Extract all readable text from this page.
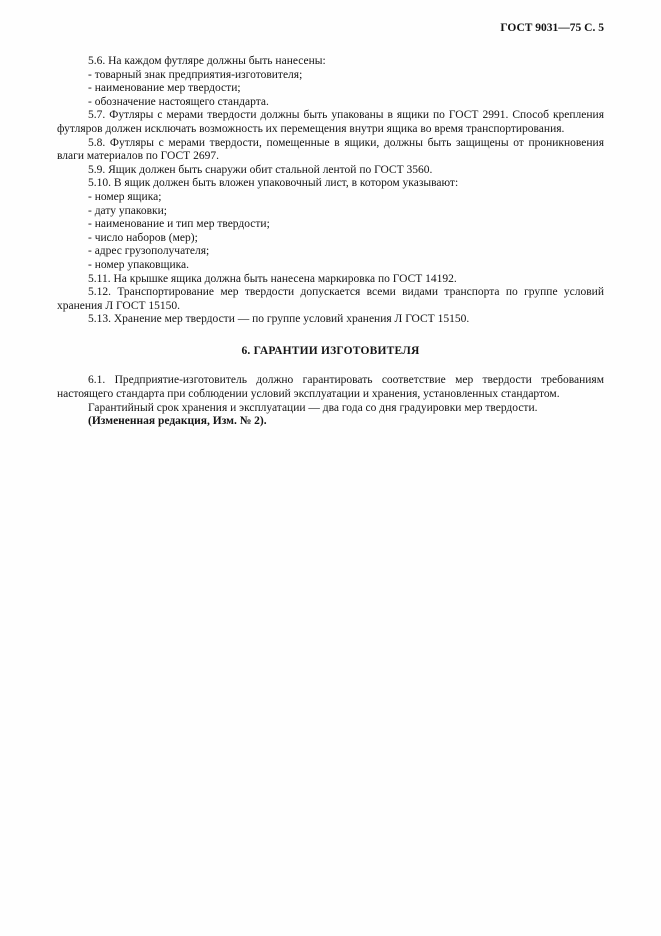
ГОСТ 9031—75 С. 5

5.6. На каждом футляре должны быть нанесены:

- товарный знак предприятия-изготовителя;

- наименование мер твердости;

- обозначение настоящего стандарта.

5.7. Футляры с мерами твердости должны быть упакованы в ящики по ГОСТ 2991. Способ крепления футляров должен исключать возможность их перемещения внутри ящика во время транспортирования.

5.8. Футляры с мерами твердости, помещенные в ящики, должны быть защищены от проникновения влаги материалов по ГОСТ 2697.

5.9. Ящик должен быть снаружи обит стальной лентой по ГОСТ 3560.

5.10. В ящик должен быть вложен упаковочный лист, в котором указывают:

- номер ящика;

- дату упаковки;

- наименование и тип мер твердости;

- число наборов (мер);

- адрес грузополучателя;

- номер упаковщика.

5.11. На крышке ящика должна быть нанесена маркировка по ГОСТ 14192.

5.12. Транспортирование мер твердости допускается всеми видами транспорта по группе условий хранения Л ГОСТ 15150.

5.13. Хранение мер твердости — по группе условий хранения Л ГОСТ 15150.

6. ГАРАНТИИ ИЗГОТОВИТЕЛЯ

6.1. Предприятие-изготовитель должно гарантировать соответствие мер твердости требованиям настоящего стандарта при соблюдении условий эксплуатации и хранения, установленных стандартом.

Гарантийный срок хранения и эксплуатации — два года со дня градуировки мер твердости.

(Измененная редакция, Изм. № 2).
